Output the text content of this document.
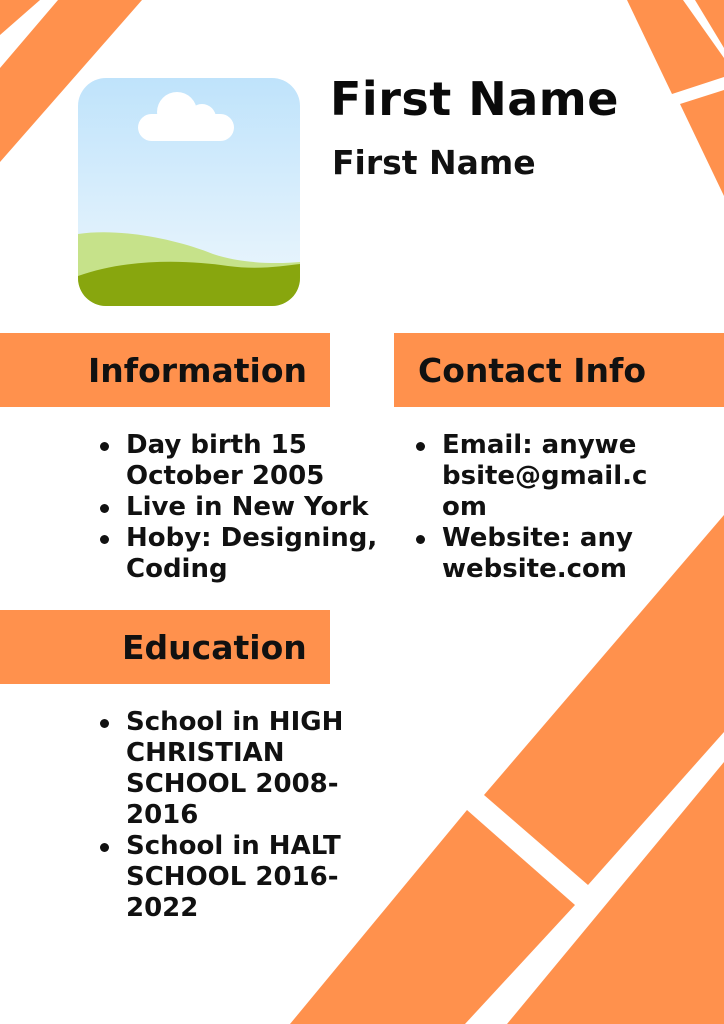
First Name
First Name
Information	Contact Info
Education
Day birth 15 October 2005
Live in New York
Hoby: Designing, Coding
Email: anywebsite@gmail.com
Website: anywebsite.com
School in HIGH CHRISTIAN SCHOOL 2008-2016
School in HALT SCHOOL 2016-2022
